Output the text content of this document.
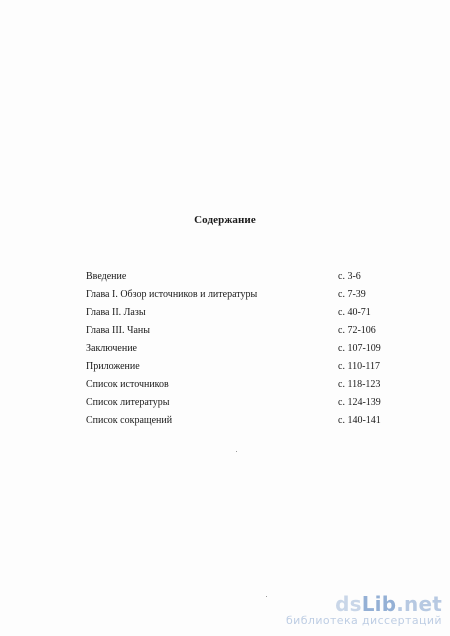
Содержание
Введение	с. 3-6
Глава I. Обзор источников и литературы	с. 7-39
Глава II. Лазы	с. 40-71
Глава III. Чаны	с. 72-106
Заключение	с. 107-109
Приложение	с. 110-117
Список источников	с. 118-123
Список литературы	с. 124-139
Список сокращений	с. 140-141
dsLib.net
библиотека диссертаций
